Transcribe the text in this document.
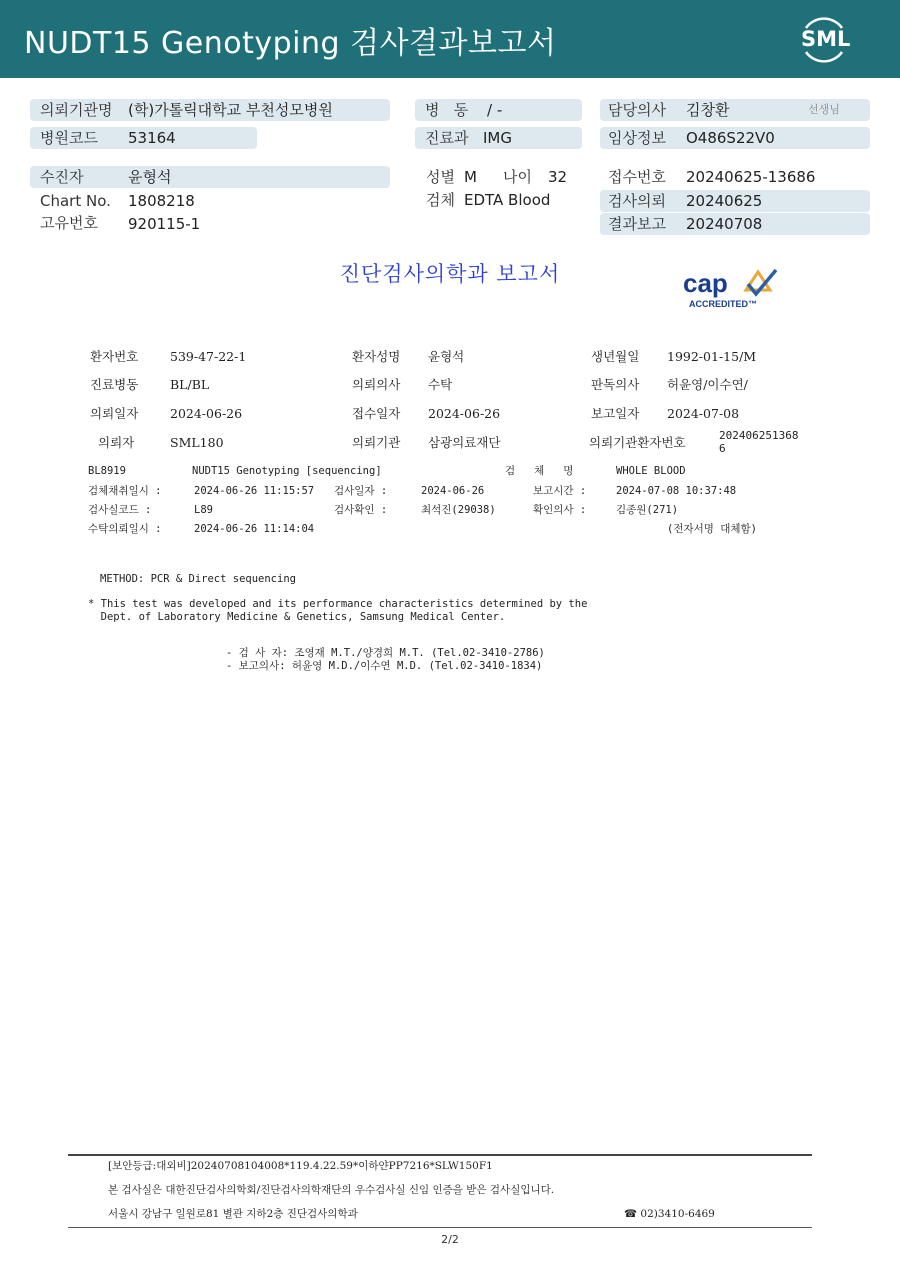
NUDT15 Genotyping 검사결과보고서	SML
의뢰기관명 (학)가톨릭대학교 부천성모병원	병   동 / -	담당의사 김창환	선생님
병원코드 53164	진료과 IMG	임상정보 O486S22V0
수진자	윤형석	성별 M 나이 32	접수번호 20240625-13686
Chart No. 1808218	검체 EDTA Blood	검사의뢰 20240625
고유번호 920115-1	결과보고 20240708
진단검사의학과 보고서	cap
ACCREDITED™
환자번호	539-47-22-1	환자성명 윤형석	생년월일 1992-01-15/M
진료병동	BL/BL	의뢰의사 수탁	판독의사 허윤영/이수연/
의뢰일자	2024-06-26	접수일자 2024-06-26	보고일자 2024-07-08
의뢰자	SML180	의뢰기관 삼광의료재단	의뢰기관환자번호	202406251368
6
BL8919	NUDT15 Genotyping [sequencing]	검   체   명	WHOLE BLOOD
검체채취일시 :	2024-06-26 11:15:57 검사일자 :	2024-06-26	보고시간 :	2024-07-08 10:37:48
검사실코드 :	L89	검사확인 :	최석진(29038)	확인의사 :	김종원(271)
수탁의뢰일시 :	2024-06-26 11:14:04	(전자서명 대체함)
METHOD: PCR & Direct sequencing
* This test was developed and its performance characteristics determined by the
Dept. of Laboratory Medicine & Genetics, Samsung Medical Center.
- 검 사 자: 조영재 M.T./양경희 M.T. (Tel.02-3410-2786)
- 보고의사: 허윤영 M.D./이수연 M.D. (Tel.02-3410-1834)
[보안등급:대외비]20240708104008*119.4.22.59*이하얀PP7216*SLW150F1
본 검사실은 대한진단검사의학회/진단검사의학재단의 우수검사실 신임 인증을 받은 검사실입니다.
서울시 강남구 일원로81 별관 지하2층 진단검사의학과	☎ 02)3410-6469
2/2
